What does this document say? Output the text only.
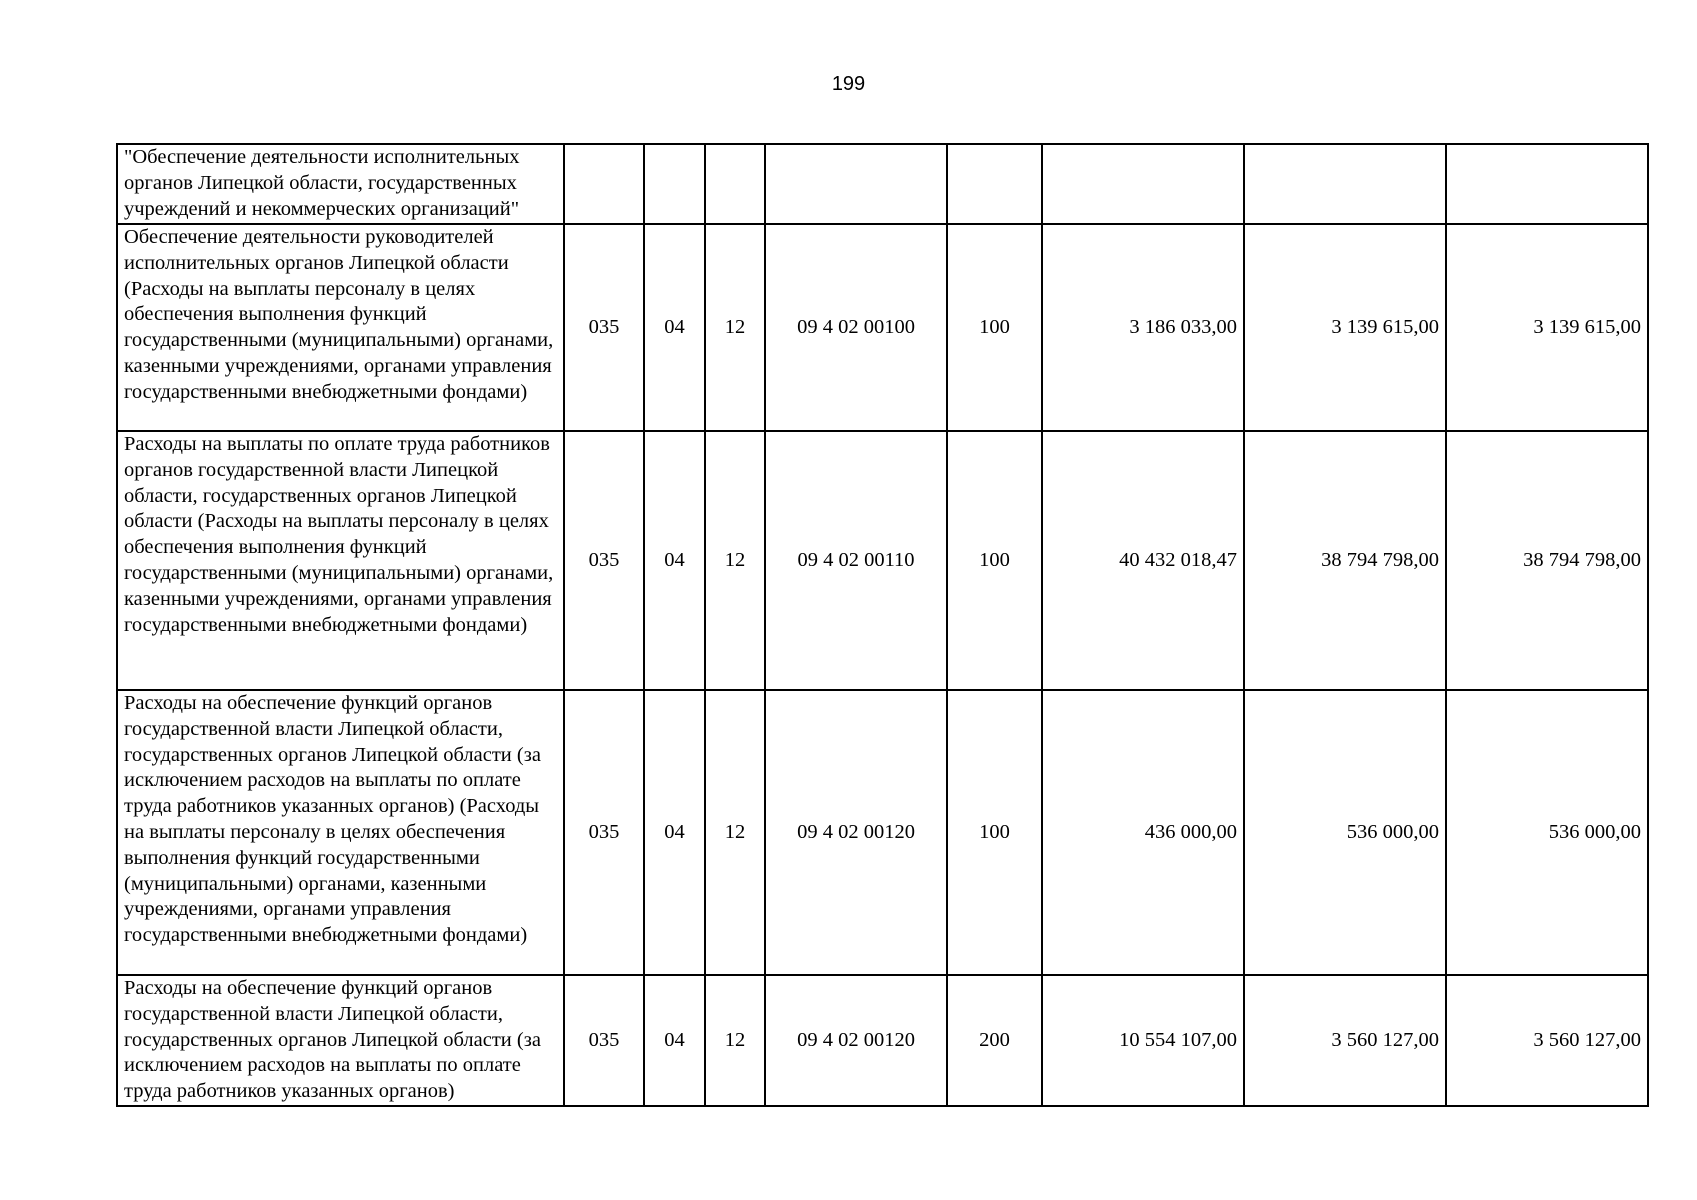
199
"Обеспечение деятельности исполнительных органов Липецкой области, государственных учреждений и некоммерческих организаций"								
Обеспечение деятельности руководителей исполнительных органов Липецкой области (Расходы на выплаты персоналу в целях обеспечения выполнения функций государственными (муниципальными) органами, казенными учреждениями, органами управления государственными внебюджетными фондами)	035	04	12	09 4 02 00100	100	3 186 033,00	3 139 615,00	3 139 615,00
Расходы на выплаты по оплате труда работников органов государственной власти Липецкой области, государственных органов Липецкой области (Расходы на выплаты персоналу в целях обеспечения выполнения функций государственными (муниципальными) органами, казенными учреждениями, органами управления государственными внебюджетными фондами)	035	04	12	09 4 02 00110	100	40 432 018,47	38 794 798,00	38 794 798,00
Расходы на обеспечение функций органов государственной власти Липецкой области, государственных органов Липецкой области (за исключением расходов на выплаты по оплате труда работников указанных органов) (Расходы на выплаты персоналу в целях обеспечения выполнения функций государственными (муниципальными) органами, казенными учреждениями, органами управления государственными внебюджетными фондами)	035	04	12	09 4 02 00120	100	436 000,00	536 000,00	536 000,00
Расходы на обеспечение функций органов государственной власти Липецкой области, государственных органов Липецкой области (за исключением расходов на выплаты по оплате труда работников указанных органов)	035	04	12	09 4 02 00120	200	10 554 107,00	3 560 127,00	3 560 127,00
